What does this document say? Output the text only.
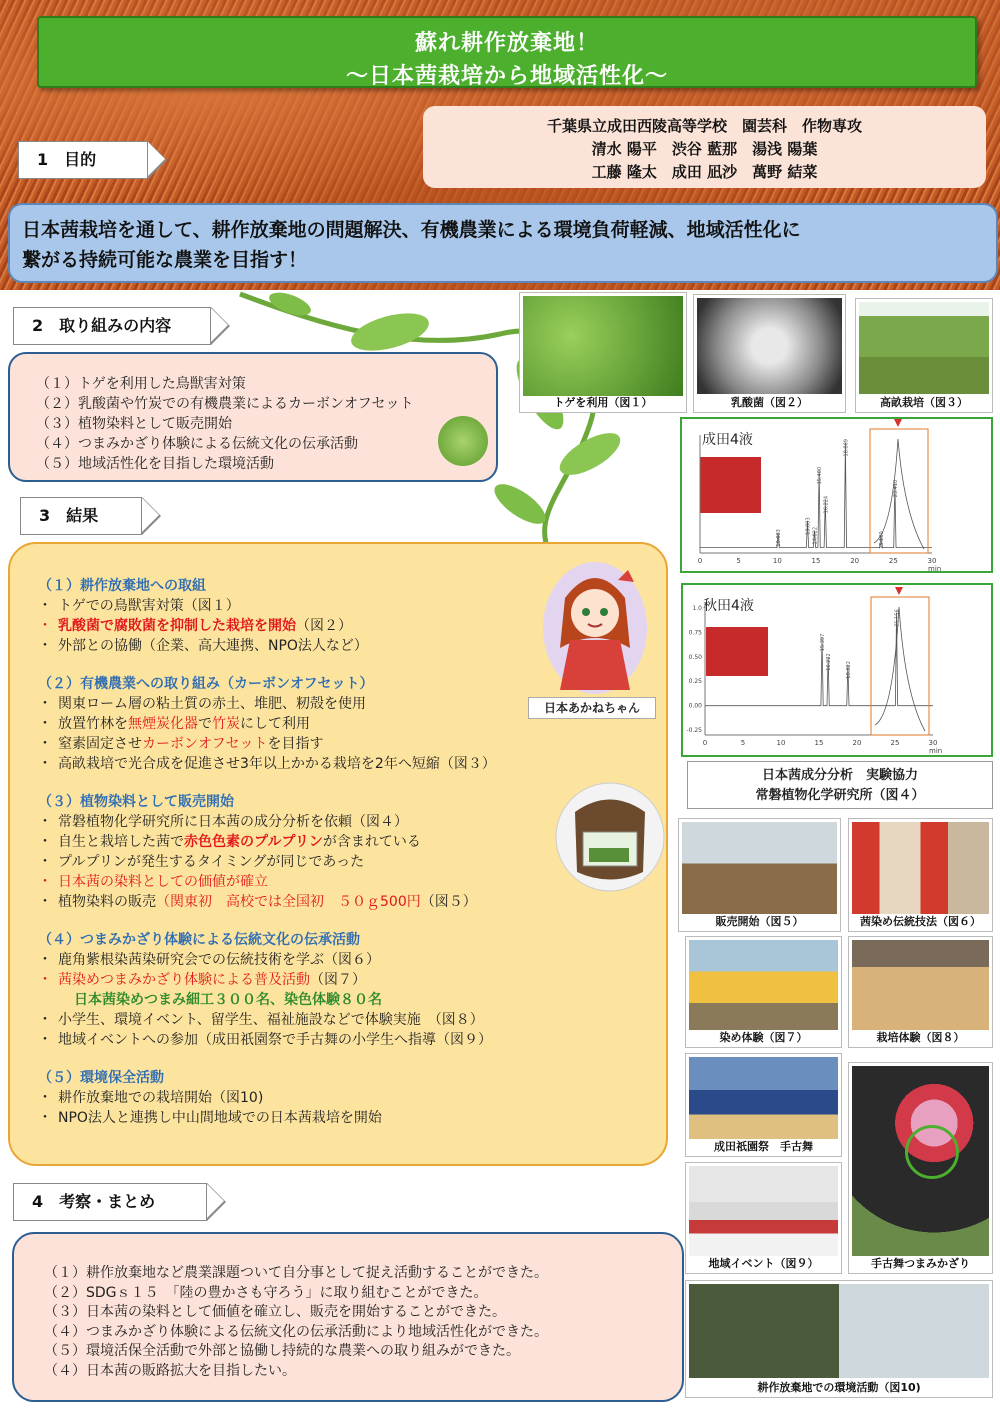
蘇れ耕作放棄地！
～日本茜栽培から地域活性化～
千葉県立成田西陵高等学校　園芸科　作物専攻
清水 陽平　渋谷 藍那　湯浅 陽葉
工藤 隆太　成田 凪沙　萬野 結菜
1　目的
日本茜栽培を通して、耕作放棄地の問題解決、有機農業による環境負荷軽減、地域活性化に
繋がる持続可能な農業を目指す！
2　取り組みの内容
（１）トゲを利用した鳥獣害対策
（２）乳酸菌や竹炭での有機農業によるカーボンオフセット
（３）植物染料として販売開始
（４）つまみかざり体験による伝統文化の伝承活動
（５）地域活性化を目指した環境活動
3　結果
（１）耕作放棄地への取組
・ トゲでの鳥獣害対策（図１）
・ 乳酸菌で腐敗菌を抑制した栽培を開始（図２）
・ 外部との協働（企業、高大連携、NPO法人など）
（２）有機農業への取り組み（カーボンオフセット）
・ 関東ローム層の粘土質の赤土、堆肥、籾殻を使用
・ 放置竹林を無煙炭化器で竹炭にして利用
・ 窒素固定させカーボンオフセットを目指す
・ 高畝栽培で光合成を促進させ3年以上かかる栽培を2年へ短縮（図３）
（３）植物染料として販売開始
・ 常磐植物化学研究所に日本茜の成分分析を依頼（図４）
・ 自生と栽培した茜で赤色色素のプルプリンが含まれている
・ プルプリンが発生するタイミングが同じであった
・ 日本茜の染料としての価値が確立
・ 植物染料の販売（関東初　高校では全国初　５０ｇ500円（図５）
（４）つまみかざり体験による伝統文化の伝承活動
・ 鹿角紫根染茜染研究会での伝統技術を学ぶ（図６）
・ 茜染めつまみかざり体験による普及活動（図７）
日本茜染めつまみ細工３００名、染色体験８０名
・ 小学生、環境イベント、留学生、福祉施設などで体験実施　（図８）
・ 地域イベントへの参加（成田祇園祭で手古舞の小学生へ指導（図９）
（５）環境保全活動
・ 耕作放棄地での栽培開始（図10)
・ NPO法人と連携し中山間地域での日本茜栽培を開始
日本あかねちゃん
4　考察・まとめ
（１）耕作放棄地など農業課題ついて自分事として捉え活動することができた。
（２）SDGｓ１５　「陸の豊かさも守ろう」に取り組むことができた。
（３）日本茜の染料として価値を確立し、販売を開始することができた。
（４）つまみかざり体験による伝統文化の伝承活動により地域活性化ができた。
（５）環境活保全活動で外部と協働し持続的な農業への取り組みができた。
（４）日本茜の販路拡大を目指したい。
トゲを利用（図１）	乳酸菌（図２）	高畝栽培（図３）
成田4液
0	5	10	15	20	25	30
min
10.083
13.883
14.822
15.400
16.224
18.809
25.180
23.410
秋田4液
0	5	10	15	20	25	30
1.0
0.75
0.50
0.25
0.00
-0.25
min
15.397
16.222	18.822
25.156
日本茜成分分析　実験協力
常磐植物化学研究所（図４）
販売開始（図５）	茜染め伝統技法（図６）
染め体験（図７）	栽培体験（図８）
成田祇園祭　手古舞
手古舞つまみかざり
地域イベント（図９）
耕作放棄地での環境活動（図10)
